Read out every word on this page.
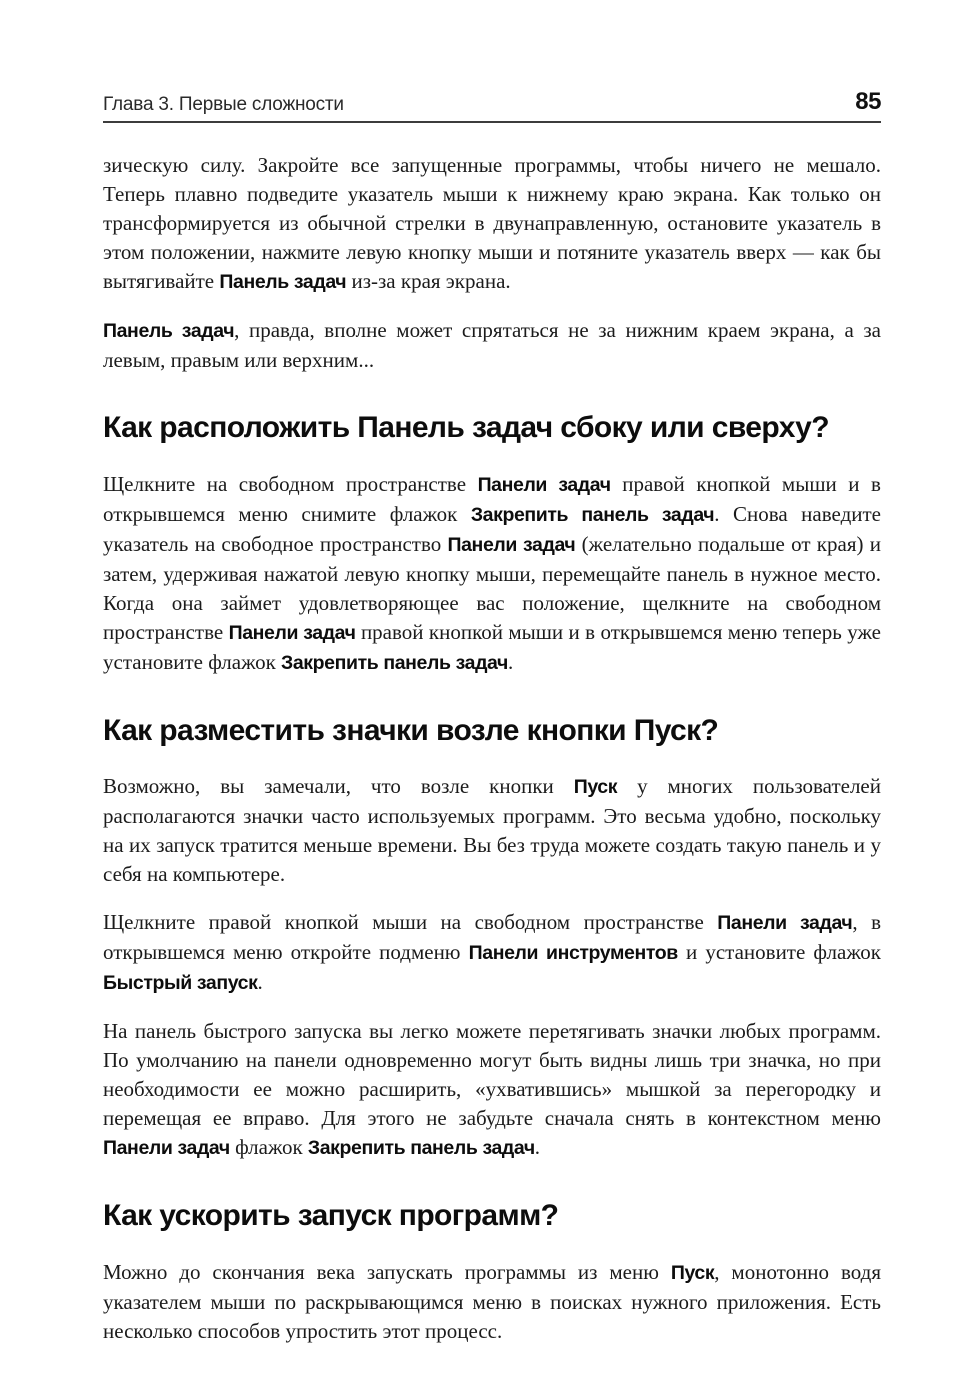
Глава 3. Первые сложности	85

зическую силу. Закройте все запущенные программы, чтобы ничего не мешало. Теперь плавно подведите указатель мыши к нижнему краю экрана. Как только он трансформируется из обычной стрелки в двунаправленную, остановите указатель в этом положении, нажмите левую кнопку мыши и потяните указатель вверх — как бы вытягивайте Панель задач из-за края экрана.

Панель задач, правда, вполне может спрятаться не за нижним краем экрана, а за левым, правым или верхним...

Как расположить Панель задач сбоку или сверху?

Щелкните на свободном пространстве Панели задач правой кнопкой мыши и в открывшемся меню снимите флажок Закрепить панель задач. Снова наведите указатель на свободное пространство Панели задач (желательно подальше от края) и затем, удерживая нажатой левую кнопку мыши, перемещайте панель в нужное место. Когда она займет удовлетворяющее вас положение, щелкните на свободном пространстве Панели задач правой кнопкой мыши и в открывшемся меню теперь уже установите флажок Закрепить панель задач.

Как разместить значки возле кнопки Пуск?

Возможно, вы замечали, что возле кнопки Пуск у многих пользователей располагаются значки часто используемых программ. Это весьма удобно, поскольку на их запуск тратится меньше времени. Вы без труда можете создать такую панель и у себя на компьютере.

Щелкните правой кнопкой мыши на свободном пространстве Панели задач, в открывшемся меню откройте подменю Панели инструментов и установите флажок Быстрый запуск.

На панель быстрого запуска вы легко можете перетягивать значки любых программ. По умолчанию на панели одновременно могут быть видны лишь три значка, но при необходимости ее можно расширить, «ухватившись» мышкой за перегородку и перемещая ее вправо. Для этого не забудьте сначала снять в контекстном меню Панели задач флажок Закрепить панель задач.

Как ускорить запуск программ?

Можно до скончания века запускать программы из меню Пуск, монотонно водя указателем мыши по раскрывающимся меню в поисках нужного приложения. Есть несколько способов упростить этот процесс.
